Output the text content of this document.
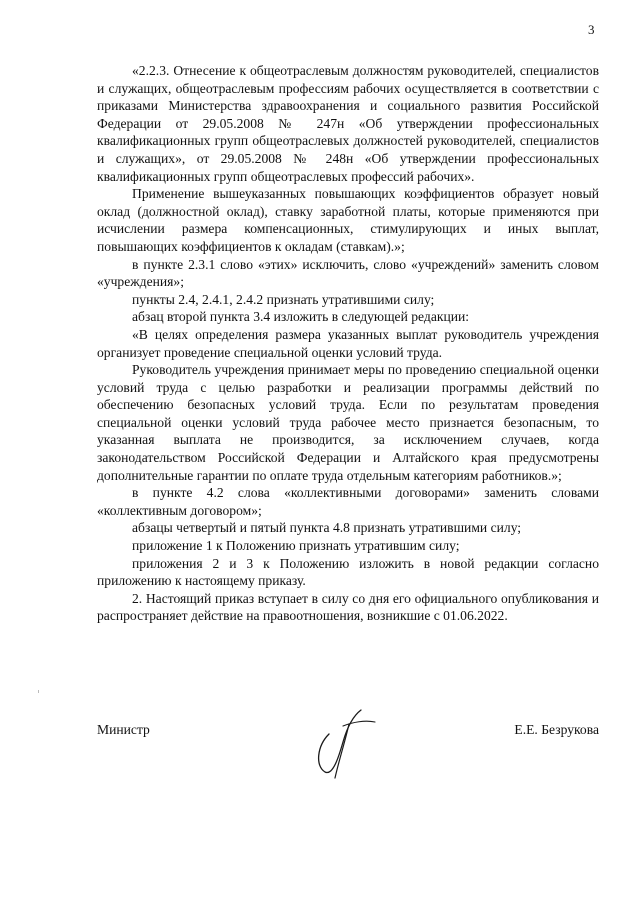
3

«2.2.3. Отнесение к общеотраслевым должностям руководителей, специалистов и служащих, общеотраслевым профессиям рабочих осуществляется в соответствии с приказами Министерства здравоохранения и социального развития Российской Федерации от 29.05.2008 № 247н «Об утверждении профессиональных квалификационных групп общеотраслевых должностей руководителей, специалистов и служащих», от 29.05.2008 № 248н «Об утверждении профессиональных квалификационных групп общеотраслевых профессий рабочих».

Применение вышеуказанных повышающих коэффициентов образует новый оклад (должностной оклад), ставку заработной платы, которые применяются при исчислении размера компенсационных, стимулирующих и иных выплат, повышающих коэффициентов к окладам (ставкам).»;

в пункте 2.3.1 слово «этих» исключить, слово «учреждений» заменить словом «учреждения»;

пункты 2.4, 2.4.1, 2.4.2 признать утратившими силу;

абзац второй пункта 3.4 изложить в следующей редакции:

«В целях определения размера указанных выплат руководитель учреждения организует проведение специальной оценки условий труда.

Руководитель учреждения принимает меры по проведению специальной оценки условий труда с целью разработки и реализации программы действий по обеспечению безопасных условий труда. Если по результатам проведения специальной оценки условий труда рабочее место признается безопасным, то указанная выплата не производится, за исключением случаев, когда законодательством Российской Федерации и Алтайского края предусмотрены дополнительные гарантии по оплате труда отдельным категориям работников.»;

в пункте 4.2 слова «коллективными договорами» заменить словами «коллективным договором»;

абзацы четвертый и пятый пункта 4.8 признать утратившими силу;

приложение 1 к Положению признать утратившим силу;

приложения 2 и 3 к Положению изложить в новой редакции согласно приложению к настоящему приказу.

2. Настоящий приказ вступает в силу со дня его официального опубликования и распространяет действие на правоотношения, возникшие с 01.06.2022.

Министр	Е.Е. Безрукова
